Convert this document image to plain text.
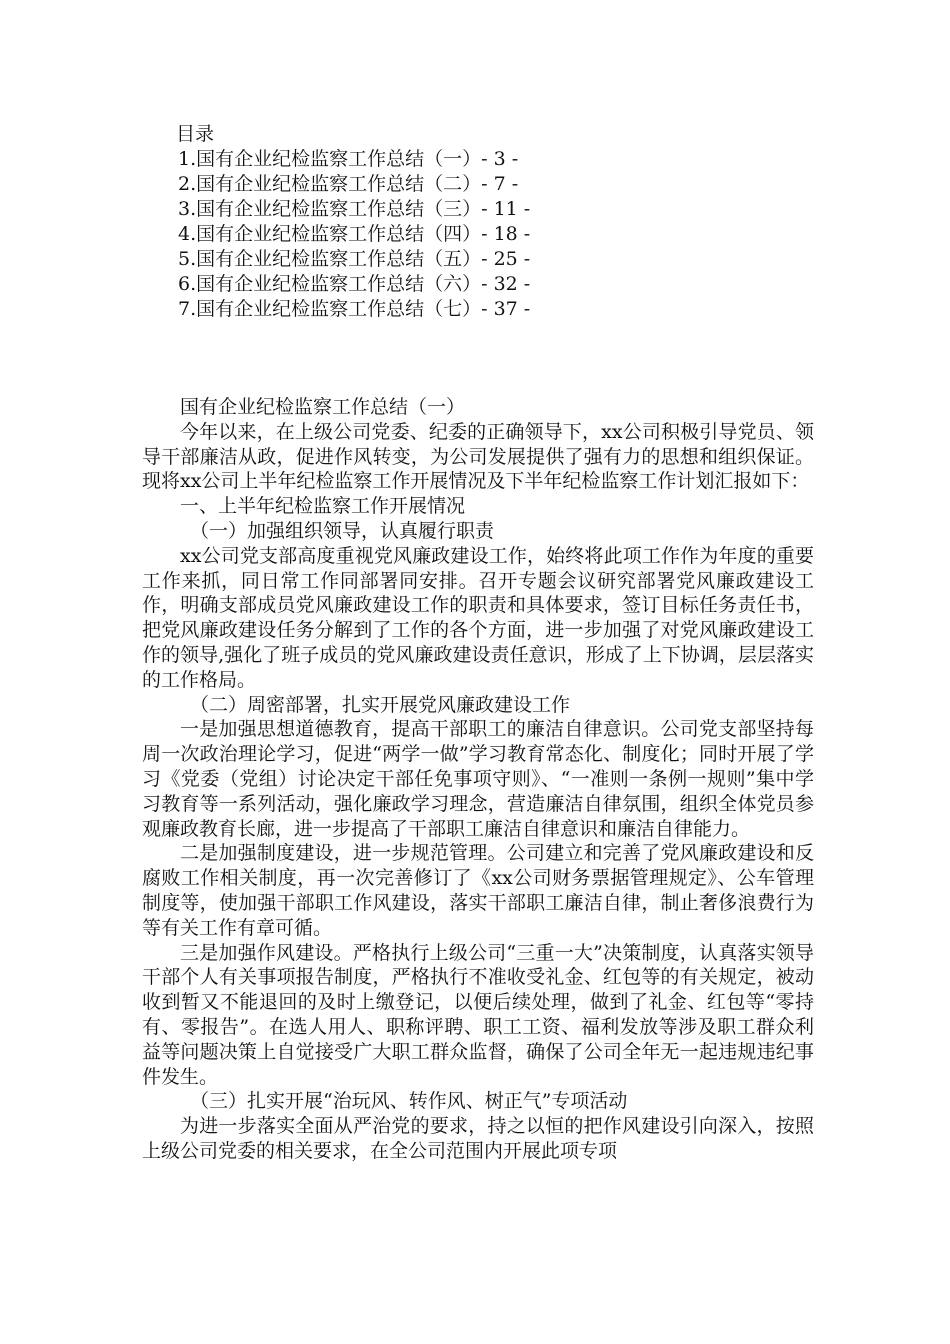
目录
1.国有企业纪检监察工作总结（一）- 3 -
2.国有企业纪检监察工作总结（二）- 7 -
3.国有企业纪检监察工作总结（三）- 11 -
4.国有企业纪检监察工作总结（四）- 18 -
5.国有企业纪检监察工作总结（五）- 25 -
6.国有企业纪检监察工作总结（六）- 32 -
7.国有企业纪检监察工作总结（七）- 37 -

国有企业纪检监察工作总结（一）

今年以来，在上级公司党委、纪委的正确领导下，xx公司积极引导党员、领导干部廉洁从政，促进作风转变，为公司发展提供了强有力的思想和组织保证。现将xx公司上半年纪检监察工作开展情况及下半年纪检监察工作计划汇报如下：

一、上半年纪检监察工作开展情况

（一）加强组织领导，认真履行职责

xx公司党支部高度重视党风廉政建设工作，始终将此项工作作为年度的重要工作来抓，同日常工作同部署同安排。召开专题会议研究部署党风廉政建设工作，明确支部成员党风廉政建设工作的职责和具体要求，签订目标任务责任书，把党风廉政建设任务分解到了工作的各个方面，进一步加强了对党风廉政建设工作的领导,强化了班子成员的党风廉政建设责任意识，形成了上下协调，层层落实的工作格局。

（二）周密部署，扎实开展党风廉政建设工作

一是加强思想道德教育，提高干部职工的廉洁自律意识。公司党支部坚持每周一次政治理论学习，促进“两学一做”学习教育常态化、制度化；同时开展了学习《党委（党组）讨论决定干部任免事项守则》、“一准则一条例一规则”集中学习教育等一系列活动，强化廉政学习理念，营造廉洁自律氛围，组织全体党员参观廉政教育长廊，进一步提高了干部职工廉洁自律意识和廉洁自律能力。

二是加强制度建设，进一步规范管理。公司建立和完善了党风廉政建设和反腐败工作相关制度，再一次完善修订了《xx公司财务票据管理规定》、公车管理制度等，使加强干部职工作风建设，落实干部职工廉洁自律，制止奢侈浪费行为等有关工作有章可循。

三是加强作风建设。严格执行上级公司“三重一大”决策制度，认真落实领导干部个人有关事项报告制度，严格执行不准收受礼金、红包等的有关规定，被动收到暂又不能退回的及时上缴登记，以便后续处理，做到了礼金、红包等“零持有、零报告”。在选人用人、职称评聘、职工工资、福利发放等涉及职工群众利益等问题决策上自觉接受广大职工群众监督，确保了公司全年无一起违规违纪事件发生。

（三）扎实开展“治玩风、转作风、树正气”专项活动

为进一步落实全面从严治党的要求，持之以恒的把作风建设引向深入，按照上级公司党委的相关要求，在全公司范围内开展此项专项
